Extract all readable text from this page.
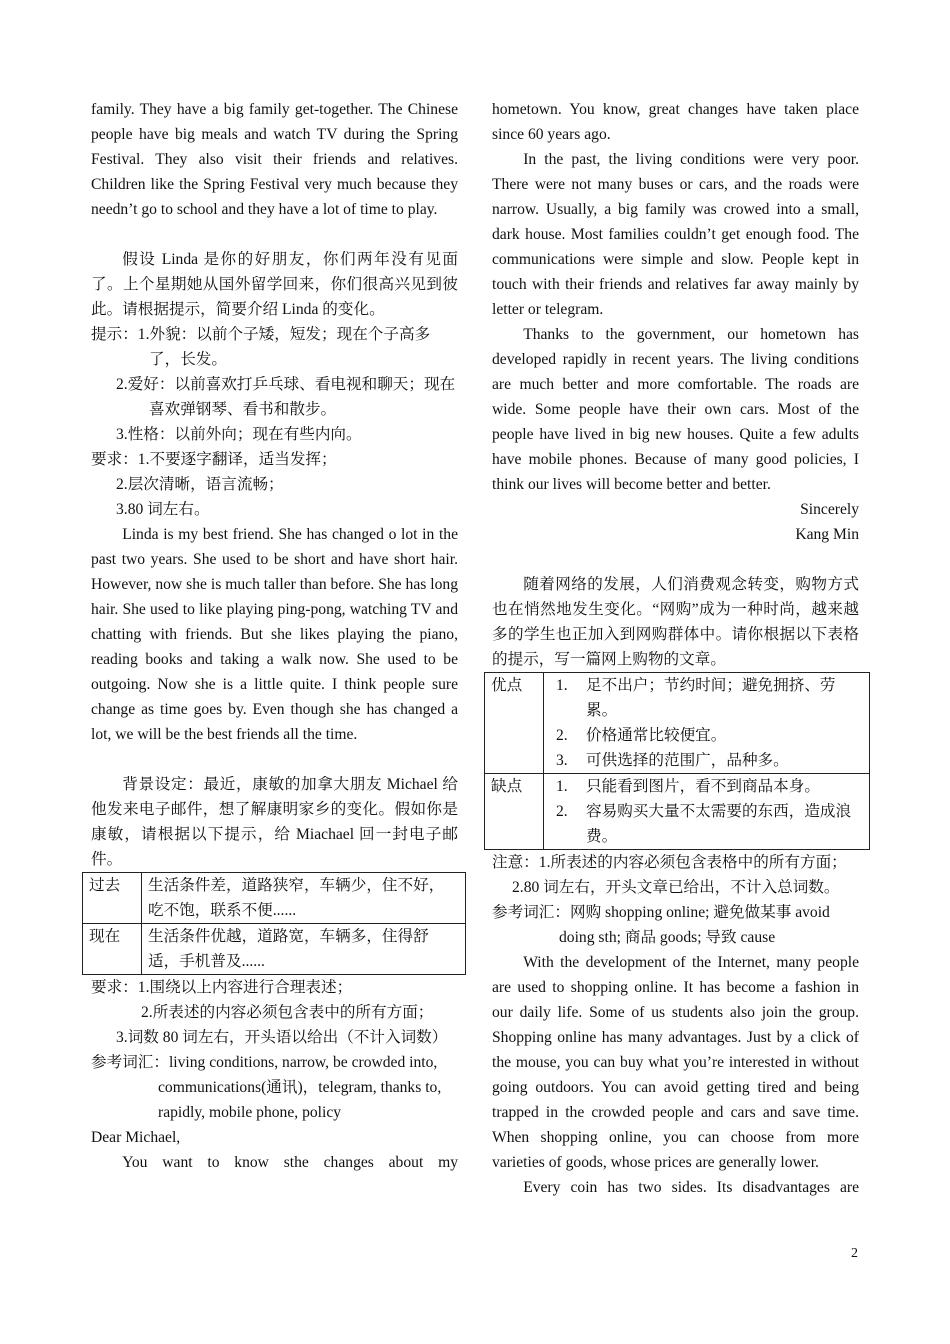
family. They have a big family get-together. The Chinese people have big meals and watch TV during the Spring Festival. They also visit their friends and relatives. Children like the Spring Festival very much because they needn’t go to school and they have a lot of time to play.

假设 Linda 是你的好朋友，你们两年没有见面了。上个星期她从国外留学回来，你们很高兴见到彼此。请根据提示，简要介绍 Linda 的变化。

提示：1.外貌：以前个子矮，短发；现在个子高多了，长发。

2.爱好：以前喜欢打乒乓球、看电视和聊天；现在喜欢弹钢琴、看书和散步。

3.性格：以前外向；现在有些内向。

要求：1.不要逐字翻译，适当发挥；

2.层次清晰，语言流畅；

3.80 词左右。

Linda is my best friend. She has changed o lot in the past two years. She used to be short and have short hair. However, now she is much taller than before. She has long hair. She used to like playing ping-pong, watching TV and chatting with friends. But she likes playing the piano, reading books and taking a walk now. She used to be outgoing. Now she is a little quite. I think people sure change as time goes by. Even though she has changed a lot, we will be the best friends all the time.

背景设定：最近，康敏的加拿大朋友 Michael 给他发来电子邮件，想了解康明家乡的变化。假如你是康敏，请根据以下提示，给 Miachael 回一封电子邮件。

过去	生活条件差，道路狭窄，车辆少，住不好，吃不饱，联系不便......
现在	生活条件优越，道路宽，车辆多，住得舒适，手机普及......

要求：1.围绕以上内容进行合理表述；

2.所表述的内容必须包含表中的所有方面；

3.词数 80 词左右，开头语以给出（不计入词数）

参考词汇：living conditions, narrow, be crowded into, communications(通讯)，telegram, thanks to, rapidly, mobile phone, policy

Dear Michael,

You want to know sthe changes about my

hometown. You know, great changes have taken place since 60 years ago.

In the past, the living conditions were very poor. There were not many buses or cars, and the roads were narrow. Usually, a big family was crowed into a small, dark house. Most families couldn’t get enough food. The communications were simple and slow. People kept in touch with their friends and relatives far away mainly by letter or telegram.

Thanks to the government, our hometown has developed rapidly in recent years. The living conditions are much better and more comfortable. The roads are wide. Some people have their own cars. Most of the people have lived in big new houses. Quite a few adults have mobile phones. Because of many good policies, I think our lives will become better and better.

Sincerely

Kang Min

随着网络的发展，人们消费观念转变，购物方式也在悄然地发生变化。“网购”成为一种时尚，越来越多的学生也正加入到网购群体中。请你根据以下表格的提示，写一篇网上购物的文章。

优点	1. 足不出户；节约时间；避免拥挤、劳累。
2. 价格通常比较便宜。
3. 可供选择的范围广，品种多。

缺点	1. 只能看到图片，看不到商品本身。
2. 容易购买大量不太需要的东西，造成浪费。

注意：1.所表述的内容必须包含表格中的所有方面；

2.80 词左右，开头文章已给出，不计入总词数。

参考词汇：网购 shopping online; 避免做某事 avoid doing sth; 商品 goods; 导致 cause

With the development of the Internet, many people are used to shopping online. It has become a fashion in our daily life. Some of us students also join the group. Shopping online has many advantages. Just by a click of the mouse, you can buy what you’re interested in without going outdoors. You can avoid getting tired and being trapped in the crowded people and cars and save time. When shopping online, you can choose from more varieties of goods, whose prices are generally lower.

Every coin has two sides. Its disadvantages are

2
